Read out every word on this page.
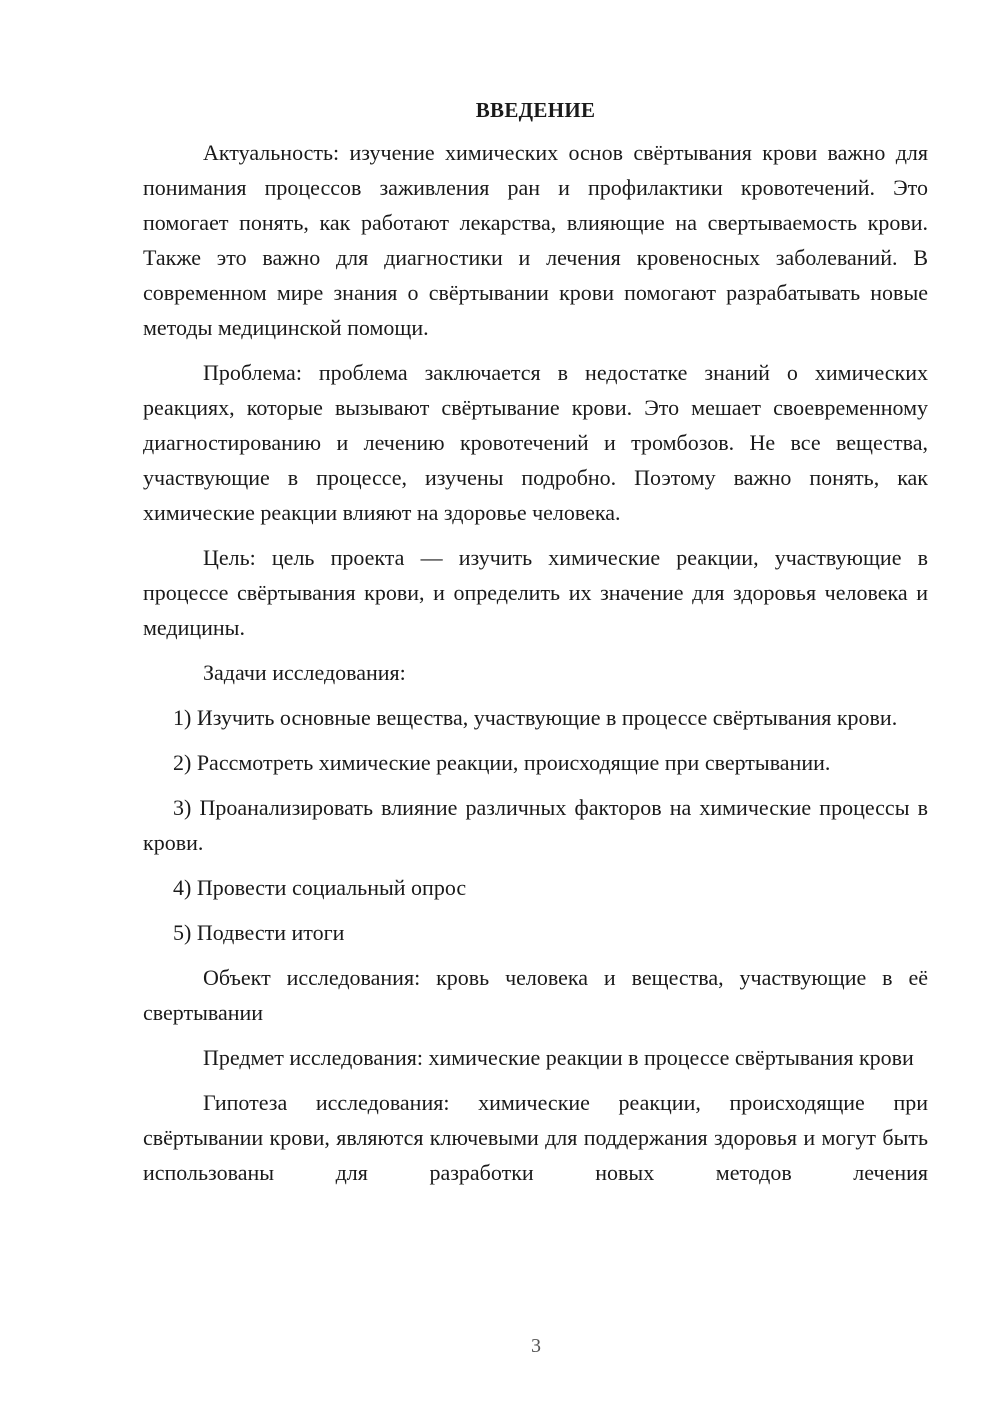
ВВЕДЕНИЕ

Актуальность: изучение химических основ свёртывания крови важно для понимания процессов заживления ран и профилактики кровотечений. Это помогает понять, как работают лекарства, влияющие на свертываемость крови. Также это важно для диагностики и лечения кровеносных заболеваний. В современном мире знания о свёртывании крови помогают разрабатывать новые методы медицинской помощи.

Проблема: проблема заключается в недостатке знаний о химических реакциях, которые вызывают свёртывание крови. Это мешает своевременному диагностированию и лечению кровотечений и тромбозов. Не все вещества, участвующие в процессе, изучены подробно. Поэтому важно понять, как химические реакции влияют на здоровье человека.

Цель: цель проекта — изучить химические реакции, участвующие в процессе свёртывания крови, и определить их значение для здоровья человека и медицины.

Задачи исследования:

1) Изучить основные вещества, участвующие в процессе свёртывания крови.

2) Рассмотреть химические реакции, происходящие при свертывании.

3) Проанализировать влияние различных факторов на химические процессы в крови.

4) Провести социальный опрос

5) Подвести итоги

Объект исследования: кровь человека и вещества, участвующие в её свертывании

Предмет исследования: химические реакции в процессе свёртывания крови

Гипотеза исследования: химические реакции, происходящие при свёртывании крови, являются ключевыми для поддержания здоровья и могут быть использованы для разработки новых методов лечения

3
